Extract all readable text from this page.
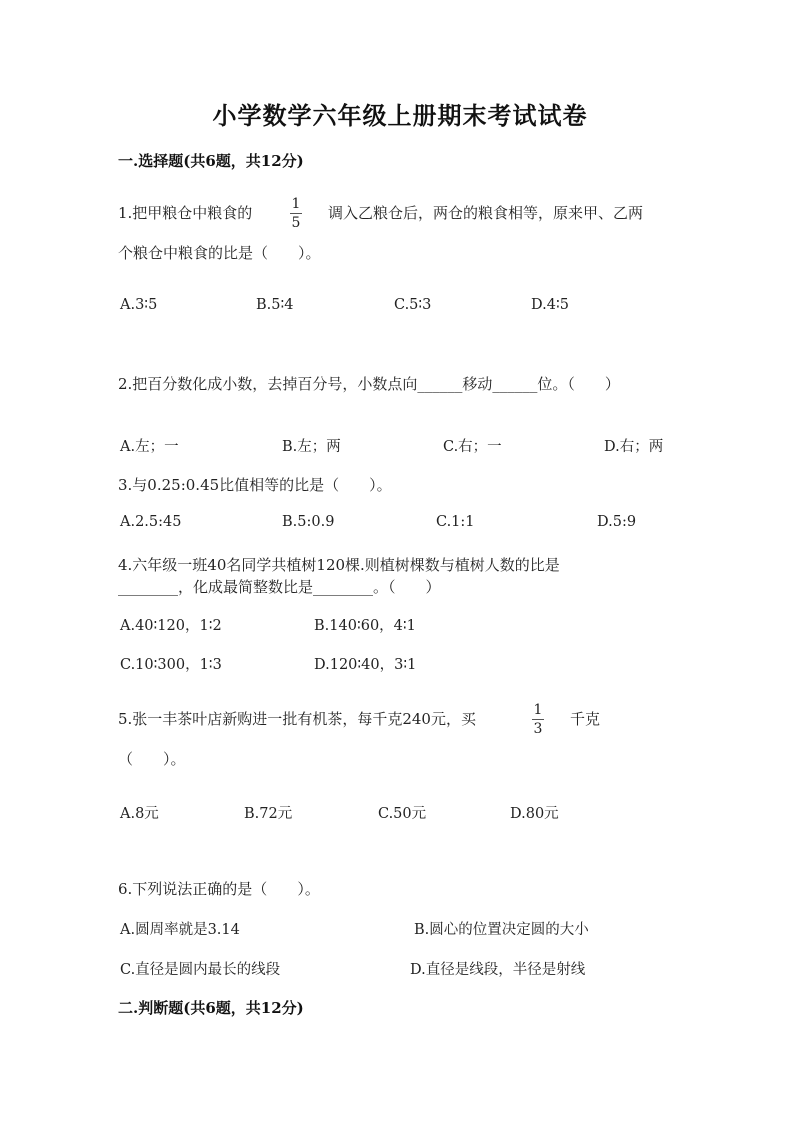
小学数学六年级上册期末考试试卷
一.选择题(共6题，共12分)
1.把甲粮仓中粮食的	1
5
调入乙粮仓后，两仓的粮食相等，原来甲、乙两
个粮仓中粮食的比是（　　）。
A.3∶5	B.5∶4	C.5∶3	D.4∶5
2.把百分数化成小数，去掉百分号，小数点向______移动______位。（　　）
A.左；一	B.左；两	C.右；一	D.右；两
3.与0.25:0.45比值相等的比是（　　）。
A.2.5:45	B.5:0.9	C.1:1	D.5:9
4.六年级一班40名同学共植树120棵.则植树棵数与植树人数的比是
________，化成最简整数比是________。（　　）
A.40∶120，1∶2	B.140∶60，4∶1
C.10∶300，1∶3	D.120∶40，3∶1
5.张一丰茶叶店新购进一批有机茶，每千克240元，买	1
3
千克
（　　）。
A.8元	B.72元	C.50元	D.80元
6.下列说法正确的是（　　）。
A.圆周率就是3.14	B.圆心的位置决定圆的大小
C.直径是圆内最长的线段	D.直径是线段，半径是射线
二.判断题(共6题，共12分)
